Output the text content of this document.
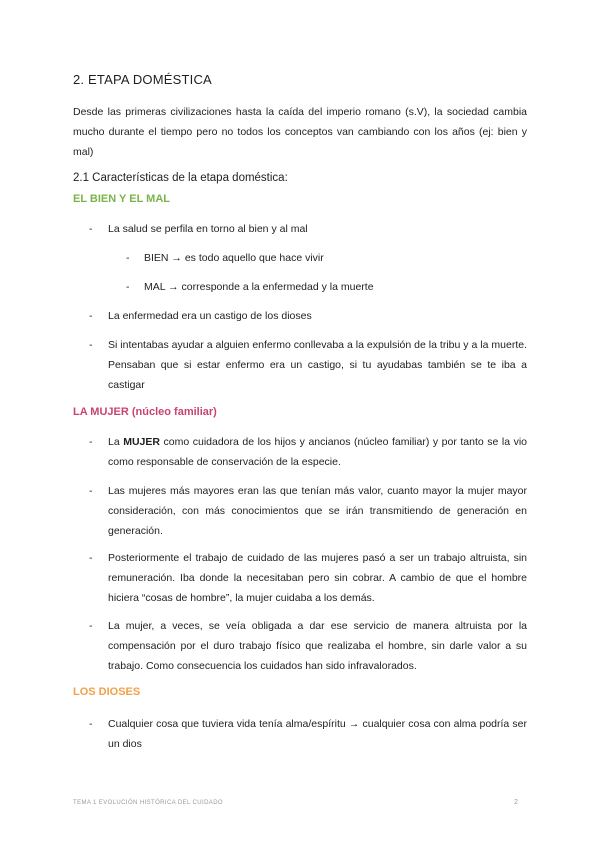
2. ETAPA DOMÉSTICA
Desde las primeras civilizaciones hasta la caída del imperio romano (s.V), la sociedad cambia mucho durante el tiempo pero no todos los conceptos van cambiando con los años (ej: bien y mal)
2.1 Características de la etapa doméstica:
EL BIEN Y EL MAL
- La salud se perfila en torno al bien y al mal
- BIEN → es todo aquello que hace vivir
- MAL → corresponde a la enfermedad y la muerte
- La enfermedad era un castigo de los dioses
- Si intentabas ayudar a alguien enfermo conllevaba a la expulsión de la tribu y a la muerte. Pensaban que si estar enfermo era un castigo, si tu ayudabas también se te iba a castigar
LA MUJER (núcleo familiar)
- La MUJER como cuidadora de los hijos y ancianos (núcleo familiar) y por tanto se la vio como responsable de conservación de la especie.
- Las mujeres más mayores eran las que tenían más valor, cuanto mayor la mujer mayor consideración, con más conocimientos que se irán transmitiendo de generación en generación.
- Posteriormente el trabajo de cuidado de las mujeres pasó a ser un trabajo altruista, sin remuneración. Iba donde la necesitaban pero sin cobrar. A cambio de que el hombre hiciera “cosas de hombre”, la mujer cuidaba a los demás.
- La mujer, a veces, se veía obligada a dar ese servicio de manera altruista por la compensación por el duro trabajo físico que realizaba el hombre, sin darle valor a su trabajo. Como consecuencia los cuidados han sido infravalorados.
LOS DIOSES
- Cualquier cosa que tuviera vida tenía alma/espíritu → cualquier cosa con alma podría ser un dios
TEMA 1 EVOLUCIÓN HISTÓRICA DEL CUIDADO	2
